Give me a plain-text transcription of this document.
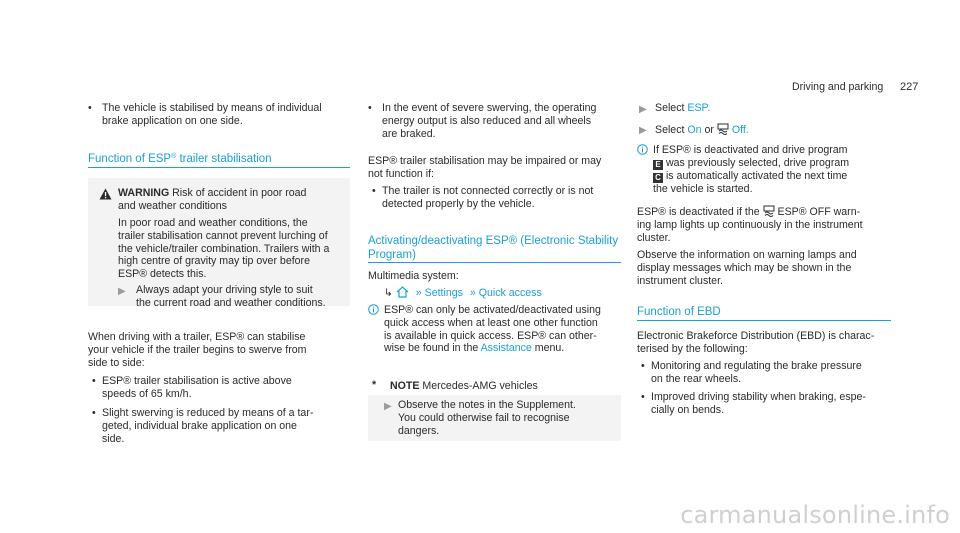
Driving and parking 227
• The vehicle is stabilised by means of individual
brake application on one side.
Function of ESP® trailer stabilisation
WARNING Risk of accident in poor road
and weather conditions
In poor road and weather conditions, the
trailer stabilisation cannot prevent lurching of
the vehicle/trailer combination. Trailers with a
high centre of gravity may tip over before
ESP® detects this.
▶ Always adapt your driving style to suit
the current road and weather conditions.
When driving with a trailer, ESP® can stabilise
your vehicle if the trailer begins to swerve from
side to side:
• ESP® trailer stabilisation is active above
speeds of 65 km/h.
• Slight swerving is reduced by means of a tar-
geted, individual brake application on one
side.
• In the event of severe swerving, the operating
energy output is also reduced and all wheels
are braked.
ESP® trailer stabilisation may be impaired or may
not function if:
• The trailer is not connected correctly or is not
detected properly by the vehicle.
Activating/deactivating ESP® (Electronic Stability
Program)
Multimedia system:
↳ » Settings » Quick access
ESP® can only be activated/deactivated using
quick access when at least one other function
is available in quick access. ESP® can other-
wise be found in the Assistance menu.
* NOTE Mercedes-AMG vehicles
▶ Observe the notes in the Supplement.
You could otherwise fail to recognise
dangers.
▶ Select ESP.
▶ Select On or Off.
If ESP® is deactivated and drive program
E was previously selected, drive program
C is automatically activated the next time
the vehicle is started.
ESP® is deactivated if the ESP® OFF warn-
ing lamp lights up continuously in the instrument
cluster.
Observe the information on warning lamps and
display messages which may be shown in the
instrument cluster.
Function of EBD
Electronic Brakeforce Distribution (EBD) is charac-
terised by the following:
• Monitoring and regulating the brake pressure
on the rear wheels.
• Improved driving stability when braking, espe-
cially on bends.
carmanualsonline.info
